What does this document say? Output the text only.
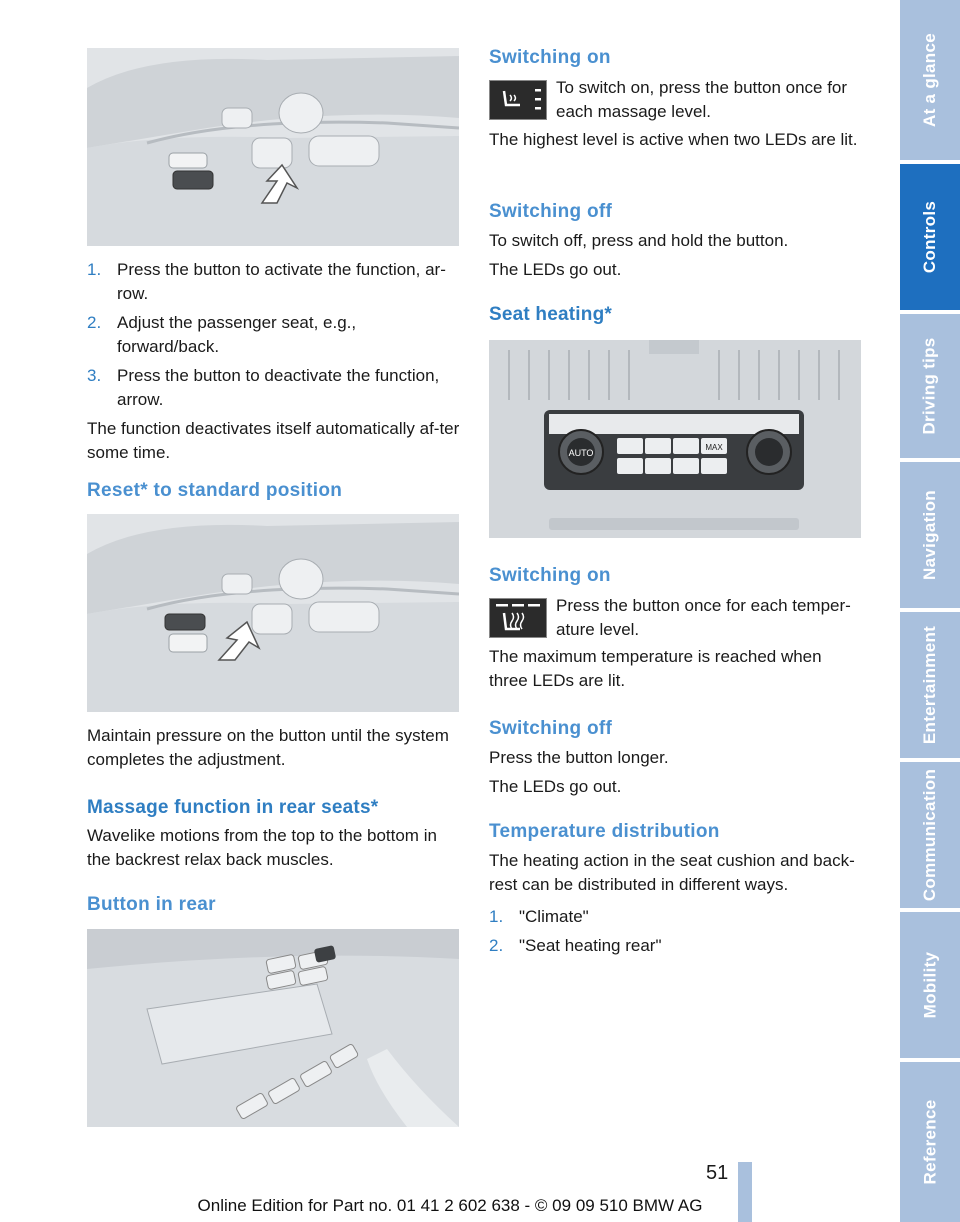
1. Press the button to activate the function, ar-row.
2. Adjust the passenger seat, e.g., forward/back.
3. Press the button to deactivate the function, arrow.

The function deactivates itself automatically af-ter some time.

Reset* to standard position

Maintain pressure on the button until the system completes the adjustment.

Massage function in rear seats*

Wavelike motions from the top to the bottom in the backrest relax back muscles.

Button in rear
Switching on

To switch on, press the button once for each massage level.

The highest level is active when two LEDs are lit.

Switching off

To switch off, press and hold the button.

The LEDs go out.

Seat heating*
AUTO
MAX
Switching on

Press the button once for each temper-ature level.

The maximum temperature is reached when three LEDs are lit.

Switching off

Press the button longer.

The LEDs go out.

Temperature distribution

The heating action in the seat cushion and back-rest can be distributed in different ways.

1. "Climate"
2. "Seat heating rear"
At a glance
Controls
Driving tips
Navigation
Entertainment
Communication
Mobility
Reference
51
Online Edition for Part no. 01 41 2 602 638 - © 09 09 510 BMW AG
